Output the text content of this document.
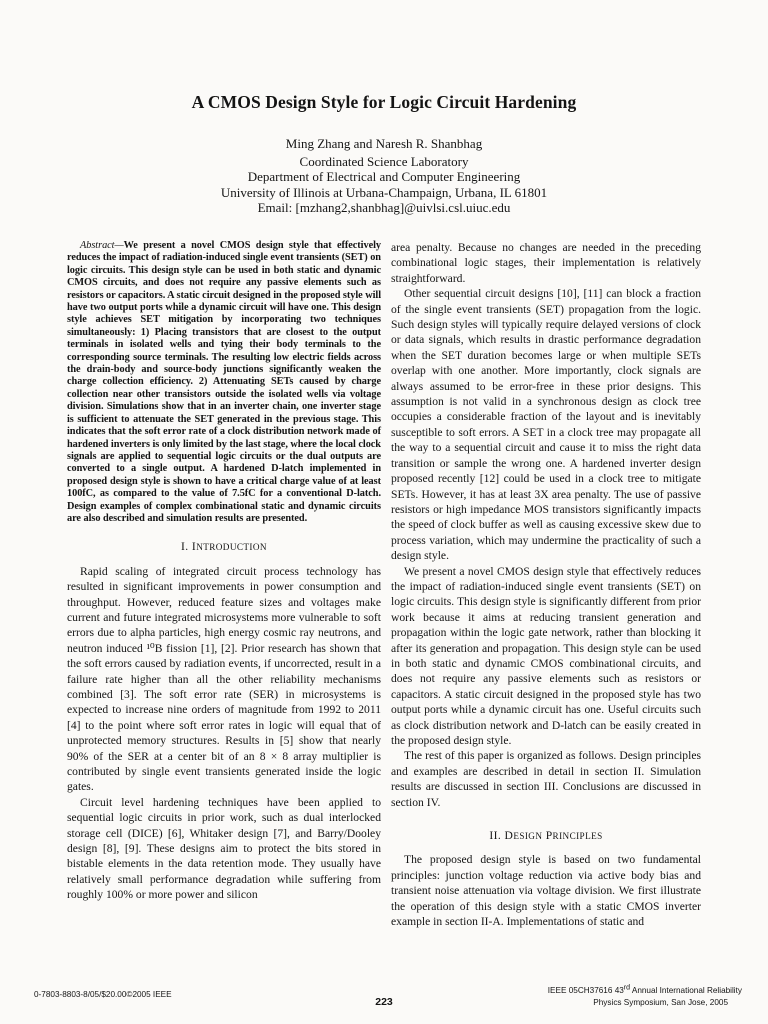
A CMOS Design Style for Logic Circuit Hardening
Ming Zhang and Naresh R. Shanbhag
Coordinated Science Laboratory
Department of Electrical and Computer Engineering
University of Illinois at Urbana-Champaign, Urbana, IL 61801
Email: [mzhang2,shanbhag]@uivlsi.csl.uiuc.edu

Abstract—We present a novel CMOS design style that effectively reduces the impact of radiation-induced single event transients (SET) on logic circuits. This design style can be used in both static and dynamic CMOS circuits, and does not require any passive elements such as resistors or capacitors. A static circuit designed in the proposed style will have two output ports while a dynamic circuit will have one. This design style achieves SET mitigation by incorporating two techniques simultaneously: 1) Placing transistors that are closest to the output terminals in isolated wells and tying their body terminals to the corresponding source terminals. The resulting low electric fields across the drain-body and source-body junctions significantly weaken the charge collection efficiency. 2) Attenuating SETs caused by charge collection near other transistors outside the isolated wells via voltage division. Simulations show that in an inverter chain, one inverter stage is sufficient to attenuate the SET generated in the previous stage. This indicates that the soft error rate of a clock distribution network made of hardened inverters is only limited by the last stage, where the local clock signals are applied to sequential logic circuits or the dual outputs are converted to a single output. A hardened D-latch implemented in proposed design style is shown to have a critical charge value of at least 100fC, as compared to the value of 7.5fC for a conventional D-latch. Design examples of complex combinational static and dynamic circuits are also described and simulation results are presented.

I. INTRODUCTION

Rapid scaling of integrated circuit process technology has resulted in significant improvements in power consumption and throughput. However, reduced feature sizes and voltages make current and future integrated microsystems more vulnerable to soft errors due to alpha particles, high energy cosmic ray neutrons, and neutron induced ¹⁰B fission [1], [2]. Prior research has shown that the soft errors caused by radiation events, if uncorrected, result in a failure rate higher than all the other reliability mechanisms combined [3]. The soft error rate (SER) in microsystems is expected to increase nine orders of magnitude from 1992 to 2011 [4] to the point where soft error rates in logic will equal that of unprotected memory structures. Results in [5] show that nearly 90% of the SER at a center bit of an 8 × 8 array multiplier is contributed by single event transients generated inside the logic gates.

Circuit level hardening techniques have been applied to sequential logic circuits in prior work, such as dual interlocked storage cell (DICE) [6], Whitaker design [7], and Barry/Dooley design [8], [9]. These designs aim to protect the bits stored in bistable elements in the data retention mode. They usually have relatively small performance degradation while suffering from roughly 100% or more power and silicon

area penalty. Because no changes are needed in the preceding combinational logic stages, their implementation is relatively straightforward.

Other sequential circuit designs [10], [11] can block a fraction of the single event transients (SET) propagation from the logic. Such design styles will typically require delayed versions of clock or data signals, which results in drastic performance degradation when the SET duration becomes large or when multiple SETs overlap with one another. More importantly, clock signals are always assumed to be error-free in these prior designs. This assumption is not valid in a synchronous design as clock tree occupies a considerable fraction of the layout and is inevitably susceptible to soft errors. A SET in a clock tree may propagate all the way to a sequential circuit and cause it to miss the right data transition or sample the wrong one. A hardened inverter design proposed recently [12] could be used in a clock tree to mitigate SETs. However, it has at least 3X area penalty. The use of passive resistors or high impedance MOS transistors significantly impacts the speed of clock buffer as well as causing excessive skew due to process variation, which may undermine the practicality of such a design style.

We present a novel CMOS design style that effectively reduces the impact of radiation-induced single event transients (SET) on logic circuits. This design style is significantly different from prior work because it aims at reducing transient generation and propagation within the logic gate network, rather than blocking it after its generation and propagation. This design style can be used in both static and dynamic CMOS combinational circuits, and does not require any passive elements such as resistors or capacitors. A static circuit designed in the proposed style has two output ports while a dynamic circuit has one. Useful circuits such as clock distribution network and D-latch can be easily created in the proposed design style.

The rest of this paper is organized as follows. Design principles and examples are described in detail in section II. Simulation results are discussed in section III. Conclusions are discussed in section IV.

II. DESIGN PRINCIPLES

The proposed design style is based on two fundamental principles: junction voltage reduction via active body bias and transient noise attenuation via voltage division. We first illustrate the operation of this design style with a static CMOS inverter example in section II-A. Implementations of static and

0-7803-8803-8/05/$20.00©2005 IEEE
223
IEEE 05CH37616 43rd Annual International Reliability
Physics Symposium, San Jose, 2005
